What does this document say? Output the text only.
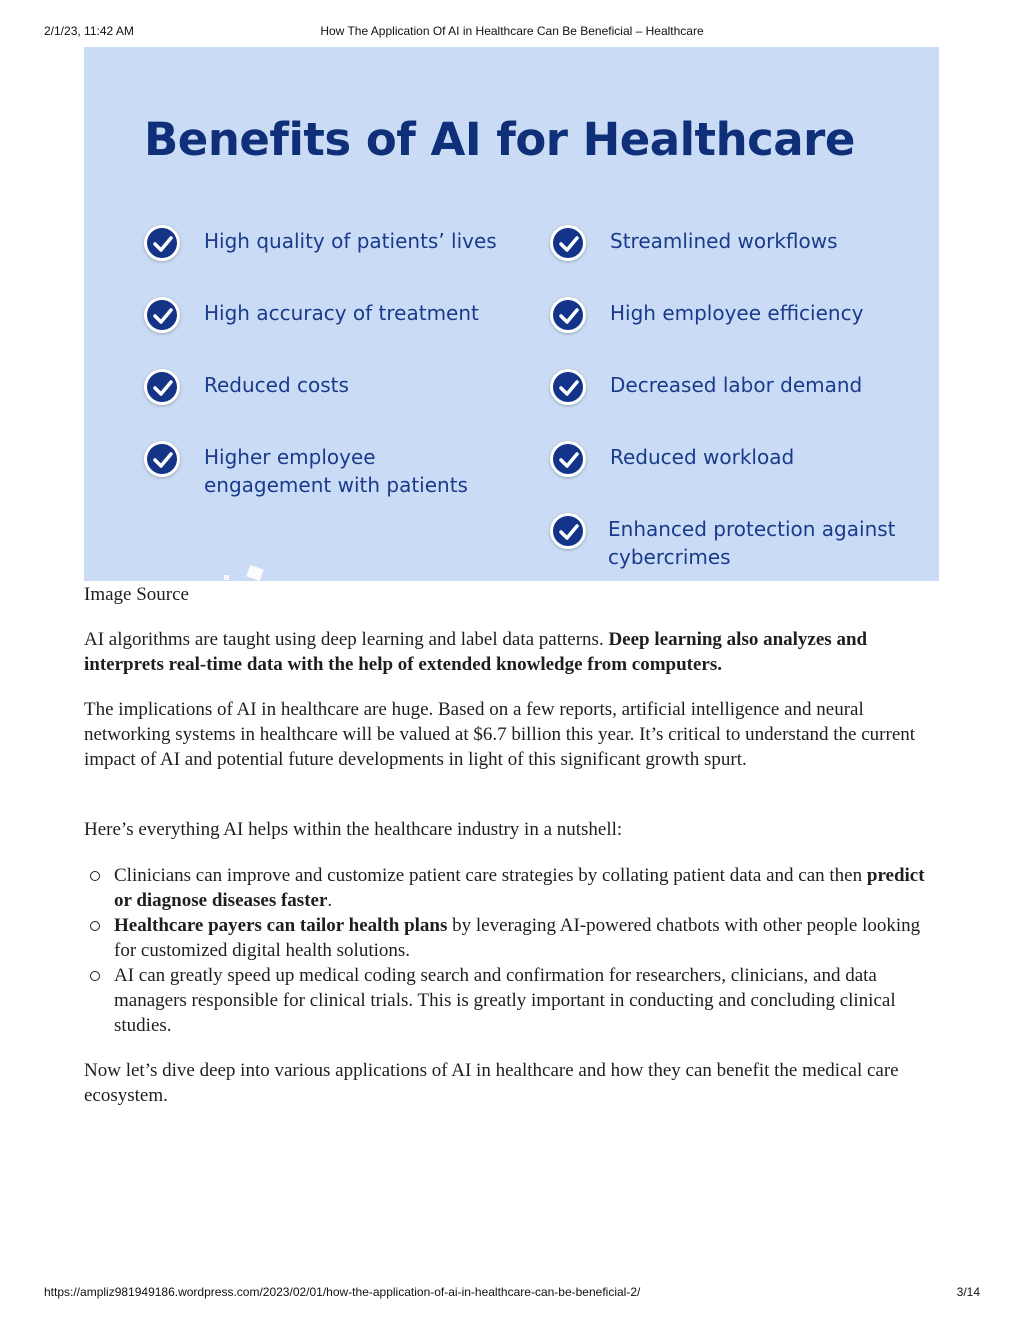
2/1/23, 11:42 AM	How The Application Of AI in Healthcare Can Be Beneficial – Healthcare
Benefits of AI for Healthcare
High quality of patients’ lives
High accuracy of treatment
Reduced costs
Higher employee engagement with patients
Streamlined workflows
High employee efficiency
Decreased labor demand
Reduced workload
Enhanced protection against cybercrimes
Image Source

AI algorithms are taught using deep learning and label data patterns. Deep learning also analyzes and interprets real-time data with the help of extended knowledge from computers.

The implications of AI in healthcare are huge. Based on a few reports, artificial intelligence and neural networking systems in healthcare will be valued at $6.7 billion this year. It’s critical to understand the current impact of AI and potential future developments in light of this significant growth spurt.

Here’s everything AI helps within the healthcare industry in a nutshell:

Clinicians can improve and customize patient care strategies by collating patient data and can then predict or diagnose diseases faster.
Healthcare payers can tailor health plans by leveraging AI-powered chatbots with other people looking for customized digital health solutions.
AI can greatly speed up medical coding search and confirmation for researchers, clinicians, and data managers responsible for clinical trials. This is greatly important in conducting and concluding clinical studies.

Now let’s dive deep into various applications of AI in healthcare and how they can benefit the medical care ecosystem.

https://ampliz981949186.wordpress.com/2023/02/01/how-the-application-of-ai-in-healthcare-can-be-beneficial-2/	3/14
